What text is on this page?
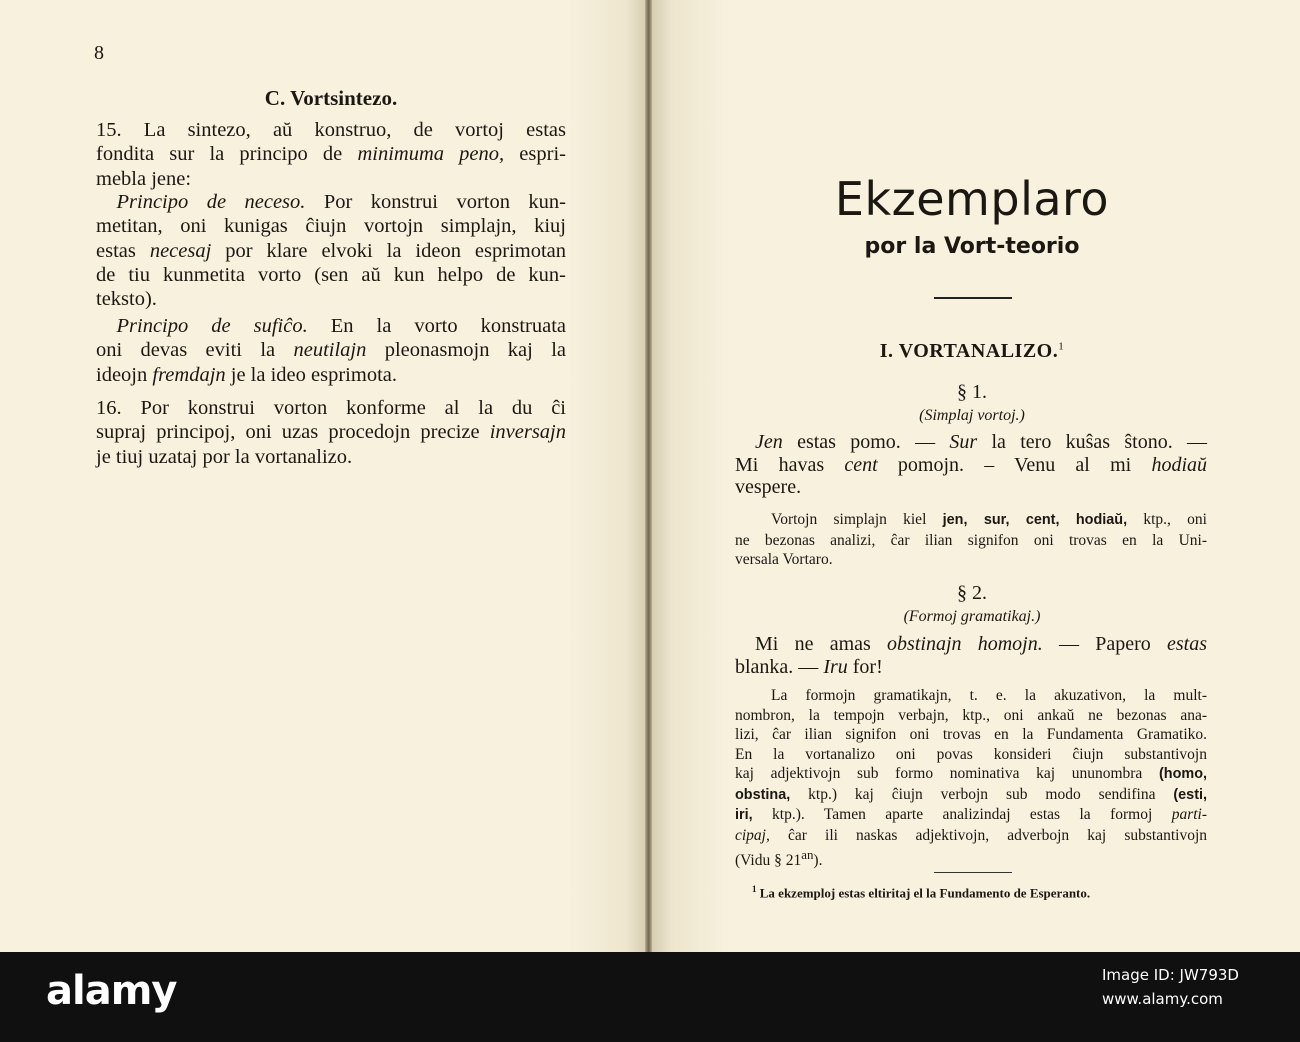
8
C. Vortsintezo.
15. La sintezo, aŭ konstruo, de vortoj estas
fondita sur la principo de minimuma peno, espri-
mebla jene:
 Principo de neceso. Por konstrui vorton kun-
metitan, oni kunigas ĉiujn vortojn simplajn, kiuj
estas necesaj por klare elvoki la ideon esprimotan
de tiu kunmetita vorto (sen aŭ kun helpo de kun-
teksto).
 Principo de sufiĉo. En la vorto konstruata
oni devas eviti la neutilajn pleonasmojn kaj la
ideojn fremdajn je la ideo esprimota.
16. Por konstrui vorton konforme al la du ĉi
supraj principoj, oni uzas procedojn precize inversajn
je tiuj uzataj por la vortanalizo.
Ekzemplaro
por la Vort-teorio
I. VORTANALIZO.$^1$
§ 1.
(Simplaj vortoj.)
 Jen estas pomo. — Sur la tero kuŝas ŝtono. —
Mi havas cent pomojn. – Venu al mi hodiaŭ
vespere.
Vortojn simplajn kiel jen, sur, cent, hodiaŭ, ktp., oni
ne bezonas analizi, ĉar ilian signifon oni trovas en la Uni-
versala Vortaro.
§ 2.
(Formoj gramatikaj.)
 Mi ne amas obstinajn homojn. — Papero estas
blanka. — Iru for!
La formojn gramatikajn, t. e. la akuzativon, la mult-
nombron, la tempojn verbajn, ktp., oni ankaŭ ne bezonas ana-
lizi, ĉar ilian signifon oni trovas en la Fundamenta Gramatiko.
En la vortanalizo oni povas konsideri ĉiujn substantivojn
kaj adjektivojn sub formo nominativa kaj ununombra (homo,
obstina, ktp.) kaj ĉiujn verbojn sub modo sendifina (esti,
iri, ktp.). Tamen aparte analizindaj estas la formoj parti-
cipaj, ĉar ili naskas adjektivojn, adverbojn kaj substantivojn
(Vidu § $21^{an}$).
$^1$ La ekzemploj estas eltiritaj el la Fundamento de Esperanto.
alamy	Image ID: JW793D
www.alamy.com
